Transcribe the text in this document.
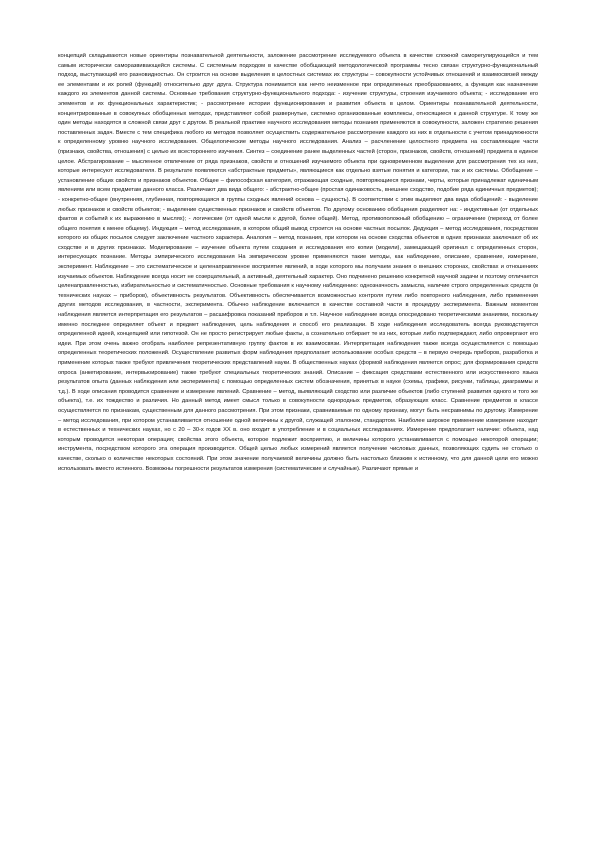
концепций складываются новые ориентиры познавательной деятельности, заложение рассмотрение исследуемого объекта в качестве сложной саморегулирующейся и тем самым исторически саморазвивающейся системы. С системным подходом в качестве обобщающей методологической программы тесно связан структурно-функциональный подход, выступающий его разновидностью. Он строится на основе выделения в целостных системах их структуры – совокупности устойчивых отношений и взаимосвязей между ее элементами и их ролей (функций) относительно друг друга. Структура понимается как нечто неизменное при определенных преобразованиях, а функция как назначение каждого из элементов данной системы. Основные требования структурно-функционального подхода: - изучение структуры, строения изучаемого объекта; - исследование его элементов и их функциональных характеристик; - рассмотрение истории функционирования и развития объекта в целом. Ориентиры познавательной деятельности, концентрированные в совокупных обобщенных методах, представляют собой развернутые, системно организованные комплексы, относящиеся к данной структуре. К тому же один методы находятся в сложной связи друг с другом. В реальной практике научного исследования методы познания применяются в совокупности, заложен стратегию решения поставленных задач. Вместе с тем специфика любого из методов позволяет осуществить содержательное рассмотрение каждого из них в отдельности с учетом принадлежности к определенному уровню научного исследования. Общелогические методы научного исследования. Анализ – расчленение целостного предмета на составляющие части (признаки, свойства, отношения) с целью их всестороннего изучения. Синтез – соединение ранее выделенных частей (сторон, признаков, свойств, отношений) предмета в единое целое. Абстрагирование – мысленное отвлечение от ряда признаков, свойств и отношений изучаемого объекта при одновременном выделении для рассмотрения тех из них, которые интересуют исследователя. В результате появляются «абстрактные предметы», являющиеся как отдельно взятые понятия и категории, так и их системы. Обобщение – установление общих свойств и признаков объектов. Общее – философская категория, отражающая сходные, повторяющиеся признаки, черты, которые принадлежат единичным явлениям или всем предметам данного класса. Различают два вида общего: - абстрактно-общее (простая одинаковость, внешнее сходство, подобие ряда единичных предметов); - конкретно-общее (внутренняя, глубинная, повторяющаяся в группы сходных явлений основа – сущность). В соответствии с этим выделяют два вида обобщений: - выделение любых признаков и свойств объектов; - выделение существенных признаков и свойств объектов. По другому основанию обобщения разделяют на: - индуктивные (от отдельных фактов и событий к их выражению в мыслях); - логические (от одной мысли к другой, более общей). Метод, противоположный обобщению – ограничение (переход от более общего понятия к менее общему). Индукция – метод исследования, в котором общий вывод строится на основе частных посылок. Дедукция – метод исследования, посредством которого из общих посылок следует заключение частного характера. Аналогия – метод познания, при котором на основе сходства объектов в одних признаках заключают об их сходстве и в других признаках. Моделирование – изучение объекта путем создания и исследования его копии (модели), замещающей оригинал с определенных сторон, интересующих познание. Методы эмпирического исследования На эмпирическом уровне применяются такие методы, как наблюдение, описание, сравнение, измерение, эксперимент. Наблюдение – это систематическое и целенаправленное восприятие явлений, в ходе которого мы получаем знания о внешних сторонах, свойствах и отношениях изучаемых объектов. Наблюдение всегда носит не созерцательный, а активный, деятельный характер. Оно подчинено решению конкретной научной задачи и поэтому отличается целенаправленностью, избирательностью и систематичностью. Основные требования к научному наблюдению: однозначность замысла, наличие строго определенных средств (в технических науках – приборов), объективность результатов. Объективность обеспечивается возможностью контроля путем либо повторного наблюдения, либо применения других методов исследования, в частности, эксперимента. Обычно наблюдение включается в качестве составной части в процедуру эксперимента. Важным моментом наблюдения является интерпретация его результатов – расшифровка показаний приборов и т.п. Научное наблюдение всегда опосредовано теоретическими знаниями, поскольку именно последнее определяет объект и предмет наблюдения, цель наблюдения и способ его реализации. В ходе наблюдения исследователь всегда руководствуется определенной идеей, концепцией или гипотезой. Он не просто регистрирует любые факты, а сознательно отбирает те из них, которые либо подтверждают, либо опровергают его идеи. При этом очень важно отобрать наиболее репрезентативную группу фактов в их взаимосвязи. Интерпретация наблюдения также всегда осуществляется с помощью определенных теоретических положений. Осуществление развитых форм наблюдения предполагает использование особых средств – в первую очередь приборов, разработка и применение которых также требуют привлечения теоретических представлений науки. В общественных науках (формой наблюдения является опрос; для формирования средств опроса (анкетирование, интервьюирование) также требуют специальных теоретических знаний. Описание – фиксация средствами естественного или искусственного языка результатов опыта (данных наблюдения или эксперимента) с помощью определенных систем обозначения, принятых в науке (схемы, графики, рисунки, таблицы, диаграммы и т.д.). В ходе описания проводится сравнение и измерение явлений. Сравнение – метод, выявляющий сходство или различие объектов (либо ступеней развития одного и того же объекта), т.е. их тождество и различия. Но данный метод имеет смысл только в совокупности однородных предметов, образующих класс. Сравнение предметов в классе осуществляется по признакам, существенным для данного рассмотрения. При этом признаки, сравниваемые по одному признаку, могут быть несравнимы по другому. Измерение – метод исследования, при котором устанавливается отношение одной величины к другой, служащей эталоном, стандартом. Наиболее широкое применение измерение находит в естественных и технических науках, но с 20 – 30-х годов XX в. оно входит в употребление и в социальных исследованиях. Измерение предполагает наличие: объекта, над которым проводится некоторая операция; свойства этого объекта, которое подлежит восприятию, и величины которого устанавливается с помощью некоторой операции; инструмента, посредством которого эта операция производится. Общей целью любых измерений является получение числовых данных, позволяющих судить не столько о качестве, сколько о количестве некоторых состояний. При этом значение получаемой величины должно быть настолько близким к истинному, что для данной цели его можно использовать вместо истинного. Возможны погрешности результатов измерения (систематические и случайные). Различают прямые и
